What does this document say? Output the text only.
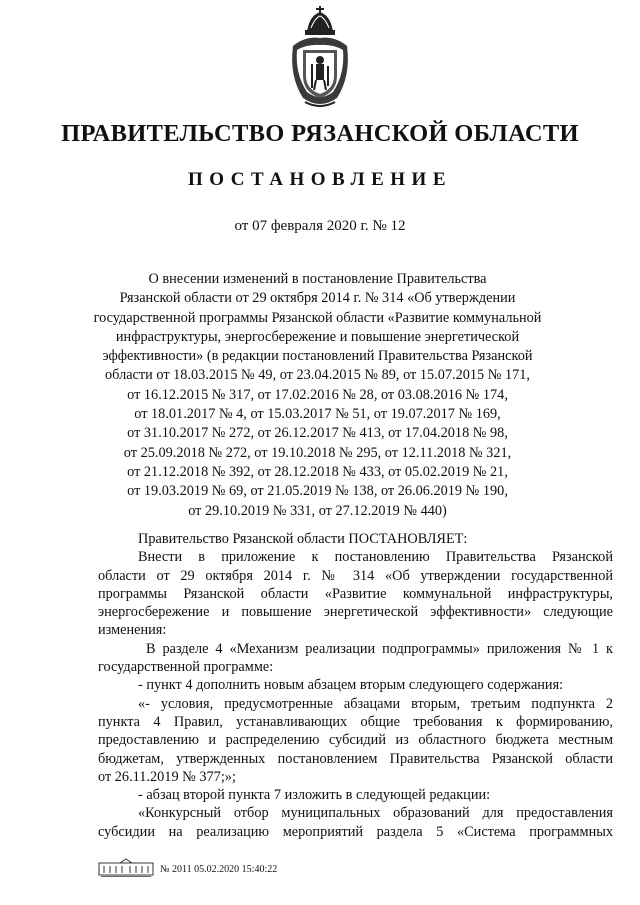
ПРАВИТЕЛЬСТВО РЯЗАНСКОЙ ОБЛАСТИ
ПОСТАНОВЛЕНИЕ
от 07 февраля 2020 г. № 12
О внесении изменений в постановление Правительства
Рязанской области от 29 октября 2014 г. № 314 «Об утверждении
государственной программы Рязанской области «Развитие коммунальной
инфраструктуры, энергосбережение и повышение энергетической
эффективности» (в редакции постановлений Правительства Рязанской
области от 18.03.2015 № 49, от 23.04.2015 № 89, от 15.07.2015 № 171,
от 16.12.2015 № 317, от 17.02.2016 № 28, от 03.08.2016 № 174,
от 18.01.2017 № 4, от 15.03.2017 № 51, от 19.07.2017 № 169,
от 31.10.2017 № 272, от 26.12.2017 № 413, от 17.04.2018 № 98,
от 25.09.2018 № 272, от 19.10.2018 № 295, от 12.11.2018 № 321,
от 21.12.2018 № 392, от 28.12.2018 № 433, от 05.02.2019 № 21,
от 19.03.2019 № 69, от 21.05.2019 № 138, от 26.06.2019 № 190,
от 29.10.2019 № 331, от 27.12.2019 № 440)
Правительство Рязанской области ПОСТАНОВЛЯЕТ:
Внести в приложение к постановлению Правительства Рязанской
области от 29 октября 2014 г. № 314 «Об утверждении государственной
программы Рязанской области «Развитие коммунальной инфраструктуры,
энергосбережение и повышение энергетической эффективности» следующие
изменения:
В разделе 4 «Механизм реализации подпрограммы» приложения № 1 к
государственной программе:
- пункт 4 дополнить новым абзацем вторым следующего содержания:
«- условия, предусмотренные абзацами вторым, третьим подпункта 2
пункта 4 Правил, устанавливающих общие требования к формированию,
предоставлению и распределению субсидий из областного бюджета местным
бюджетам, утвержденных постановлением Правительства Рязанской области
от 26.11.2019 № 377;»;
- абзац второй пункта 7 изложить в следующей редакции:
«Конкурсный отбор муниципальных образований для предоставления
субсидии на реализацию мероприятий раздела 5 «Система программных
№ 2011 05.02.2020 15:40:22
